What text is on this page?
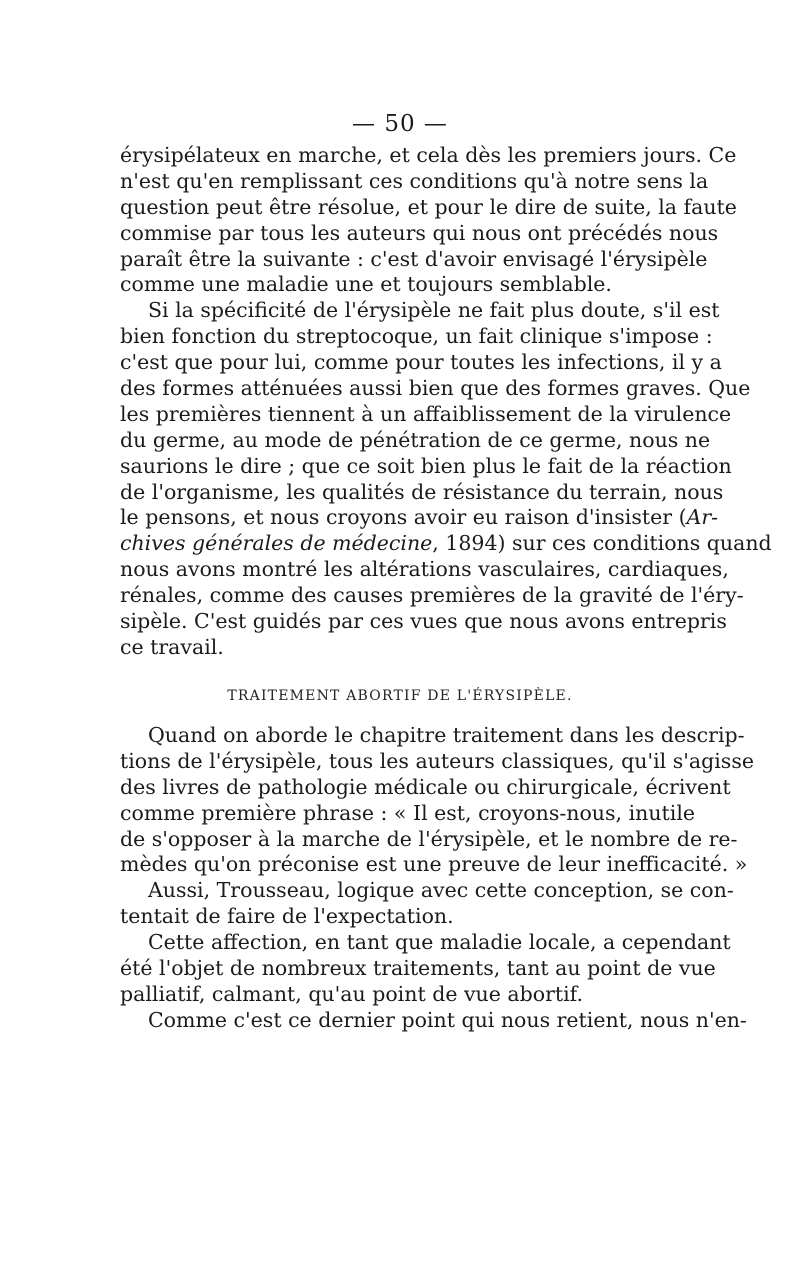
— 50 —
érysipélateux en marche, et cela dès les premiers jours. Ce
n'est qu'en remplissant ces conditions qu'à notre sens la
question peut être résolue, et pour le dire de suite, la faute
commise par tous les auteurs qui nous ont précédés nous
paraît être la suivante : c'est d'avoir envisagé l'érysipèle
comme une maladie une et toujours semblable.
Si la spécificité de l'érysipèle ne fait plus doute, s'il est
bien fonction du streptocoque, un fait clinique s'impose :
c'est que pour lui, comme pour toutes les infections, il y a
des formes atténuées aussi bien que des formes graves. Que
les premières tiennent à un affaiblissement de la virulence
du germe, au mode de pénétration de ce germe, nous ne
saurions le dire ; que ce soit bien plus le fait de la réaction
de l'organisme, les qualités de résistance du terrain, nous
le pensons, et nous croyons avoir eu raison d'insister (Ar-
chives générales de médecine, 1894) sur ces conditions quand
nous avons montré les altérations vasculaires, cardiaques,
rénales, comme des causes premières de la gravité de l'éry-
sipèle. C'est guidés par ces vues que nous avons entrepris
ce travail.
TRAITEMENT ABORTIF DE L'ÉRYSIPÈLE.
Quand on aborde le chapitre traitement dans les descrip-
tions de l'érysipèle, tous les auteurs classiques, qu'il s'agisse
des livres de pathologie médicale ou chirurgicale, écrivent
comme première phrase : « Il est, croyons-nous, inutile
de s'opposer à la marche de l'érysipèle, et le nombre de re-
mèdes qu'on préconise est une preuve de leur inefficacité. »
Aussi, Trousseau, logique avec cette conception, se con-
tentait de faire de l'expectation.
Cette affection, en tant que maladie locale, a cependant
été l'objet de nombreux traitements, tant au point de vue
palliatif, calmant, qu'au point de vue abortif.
Comme c'est ce dernier point qui nous retient, nous n'en-
